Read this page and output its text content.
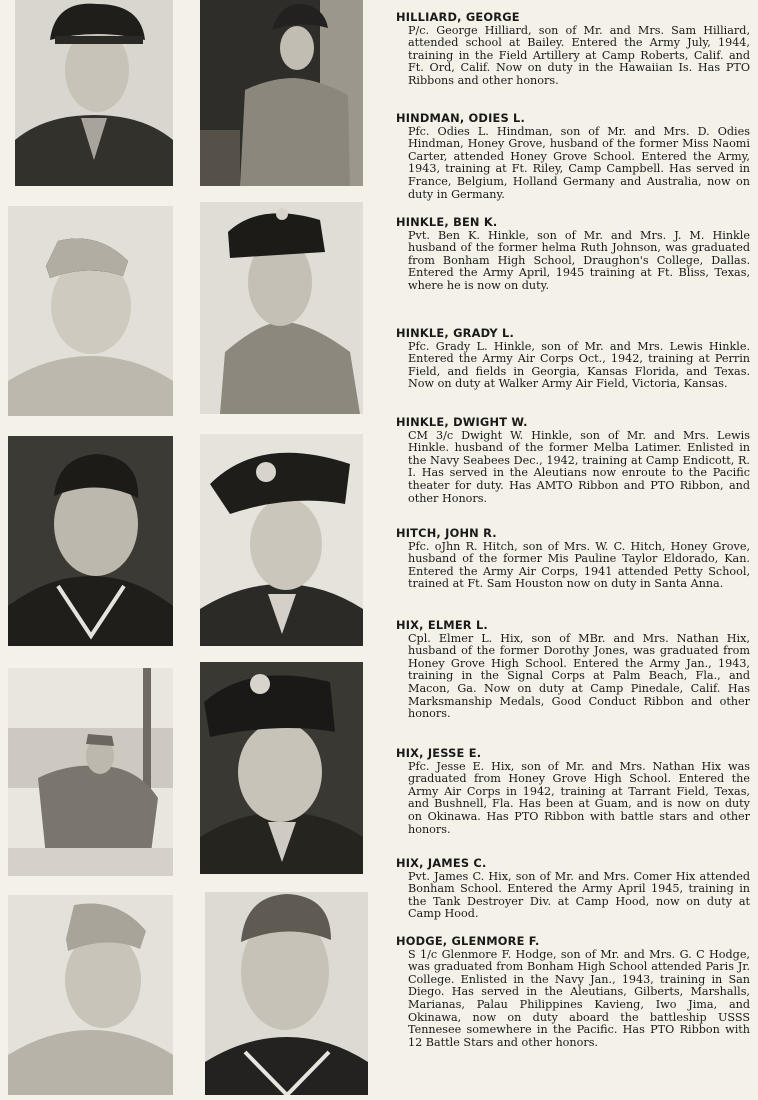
HILLIARD, GEORGE

P/c. George Hilliard, son of Mr. and Mrs. Sam Hilliard, attended school at Bailey. Entered the Army July, 1944, training in the Field Artillery at Camp Roberts, Calif. and Ft. Ord, Calif. Now on duty in the Hawaiian Is. Has PTO Ribbons and other honors.

HINDMAN, ODIES L.

Pfc. Odies L. Hindman, son of Mr. and Mrs. D. Odies Hindman, Honey Grove, husband of the former Miss Naomi Carter, attended Honey Grove School. Entered the Army, 1943, training at Ft. Riley, Camp Campbell. Has served in France, Belgium, Holland Germany and Australia, now on duty in Germany.

HINKLE, BEN K.

Pvt. Ben K. Hinkle, son of Mr. and Mrs. J. M. Hinkle husband of the former helma Ruth Johnson, was graduated from Bonham High School, Draughon's College, Dallas. Entered the Army April, 1945 training at Ft. Bliss, Texas, where he is now on duty.

HINKLE, GRADY L.

Pfc. Grady L. Hinkle, son of Mr. and Mrs. Lewis Hinkle. Entered the Army Air Corps Oct., 1942, training at Perrin Field, and fields in Georgia, Kansas Florida, and Texas. Now on duty at Walker Army Air Field, Victoria, Kansas.

HINKLE, DWIGHT W.

CM 3/c Dwight W. Hinkle, son of Mr. and Mrs. Lewis Hinkle. husband of the former Melba Latimer. Enlisted in the Navy Seabees Dec., 1942, training at Camp Endicott, R. I. Has served in the Aleutians now enroute to the Pacific theater for duty. Has AMTO Ribbon and PTO Ribbon, and other Honors.

HITCH, JOHN R.

Pfc. oJhn R. Hitch, son of Mrs. W. C. Hitch, Honey Grove, husband of the former Mis Pauline Taylor Eldorado, Kan. Entered the Army Air Corps, 1941 attended Petty School, trained at Ft. Sam Houston now on duty in Santa Anna.

HIX, ELMER L.

Cpl. Elmer L. Hix, son of MBr. and Mrs. Nathan Hix, husband of the former Dorothy Jones, was graduated from Honey Grove High School. Entered the Army Jan., 1943, training in the Signal Corps at Palm Beach, Fla., and Macon, Ga. Now on duty at Camp Pinedale, Calif. Has Marksmanship Medals, Good Conduct Ribbon and other honors.

HIX, JESSE E.

Pfc. Jesse E. Hix, son of Mr. and Mrs. Nathan Hix was graduated from Honey Grove High School. Entered the Army Air Corps in 1942, training at Tarrant Field, Texas, and Bushnell, Fla. Has been at Guam, and is now on duty on Okinawa. Has PTO Ribbon with battle stars and other honors.

HIX, JAMES C.

Pvt. James C. Hix, son of Mr. and Mrs. Comer Hix attended Bonham School. Entered the Army April 1945, training in the Tank Destroyer Div. at Camp Hood, now on duty at Camp Hood.

HODGE, GLENMORE F.

S 1/c Glenmore F. Hodge, son of Mr. and Mrs. G. C Hodge, was graduated from Bonham High School attended Paris Jr. College. Enlisted in the Navy Jan., 1943, training in San Diego. Has served in the Aleutians, Gilberts, Marshalls, Marianas, Palau Philippines Kavieng, Iwo Jima, and Okinawa, now on duty aboard the battleship USSS Tennesee somewhere in the Pacific. Has PTO Ribbon with 12 Battle Stars and other honors.
